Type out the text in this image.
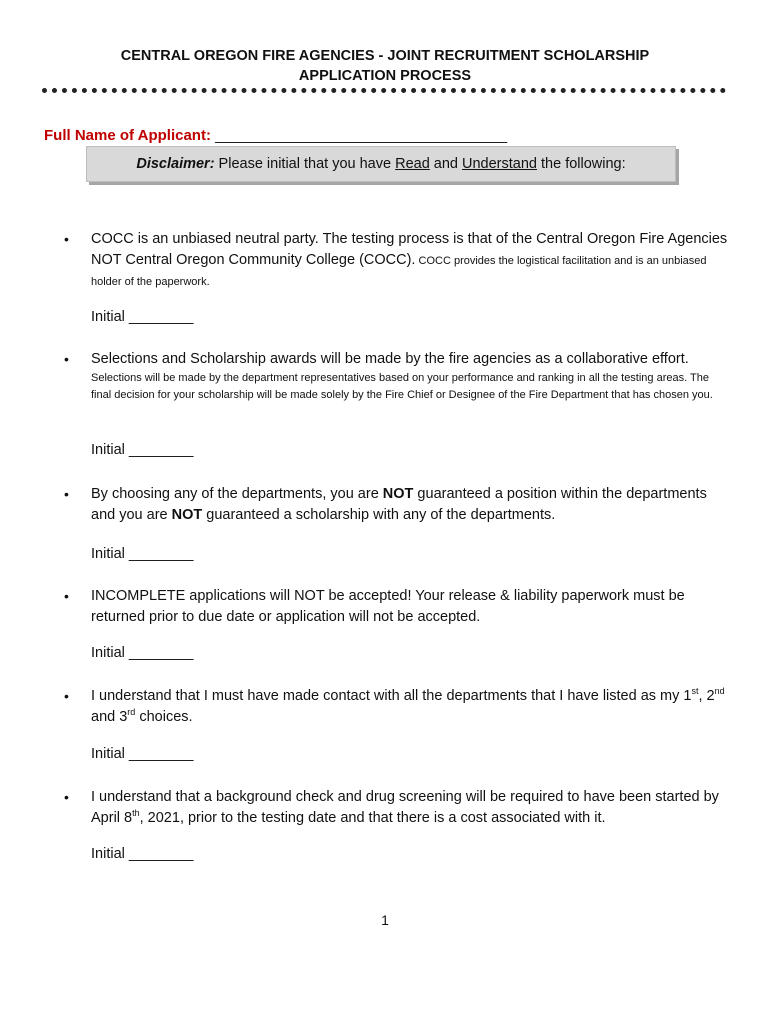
CENTRAL OREGON FIRE AGENCIES - JOINT RECRUITMENT SCHOLARSHIP
APPLICATION PROCESS
Full Name of Applicant: ___________________________________
Disclaimer: Please initial that you have Read and Understand the following:
• COCC is an unbiased neutral party. The testing process is that of the Central Oregon Fire Agencies NOT Central Oregon Community College (COCC). COCC provides the logistical facilitation and is an unbiased holder of the paperwork.
Initial ________
• Selections and Scholarship awards will be made by the fire agencies as a collaborative effort.
Selections will be made by the department representatives based on your performance and ranking in all the testing areas. The final decision for your scholarship will be made solely by the Fire Chief or Designee of the Fire Department that has chosen you.
Initial ________
• By choosing any of the departments, you are NOT guaranteed a position within the departments and you are NOT guaranteed a scholarship with any of the departments.
Initial ________
• INCOMPLETE applications will NOT be accepted! Your release & liability paperwork must be returned prior to due date or application will not be accepted.
Initial ________
• I understand that I must have made contact with all the departments that I have listed as my 1st, 2nd and 3rd choices.
Initial ________
• I understand that a background check and drug screening will be required to have been started by April 8th, 2021, prior to the testing date and that there is a cost associated with it.
Initial ________
1
